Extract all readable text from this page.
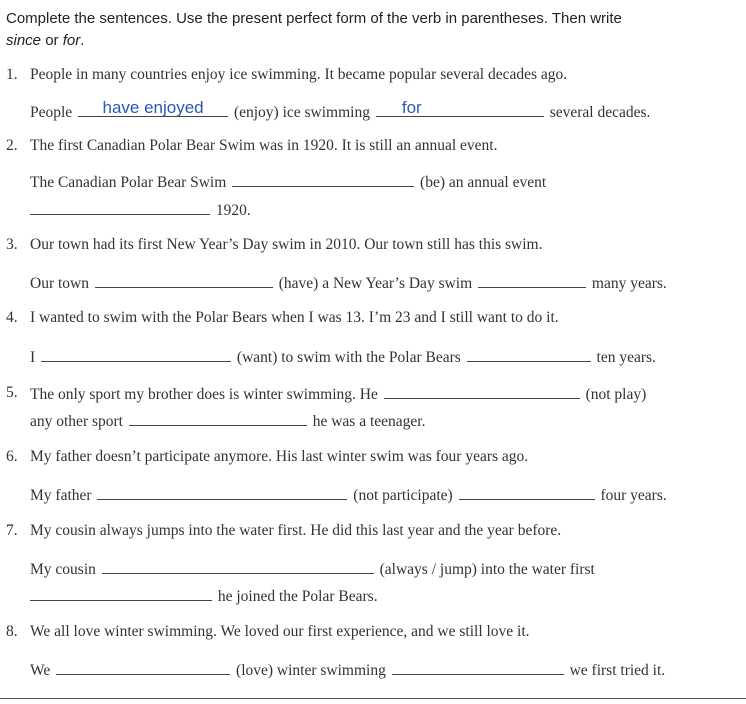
Complete the sentences. Use the present perfect form of the verb in parentheses. Then write
since or for.
1. People in many countries enjoy ice swimming. It became popular several decades ago.
People	have enjoyed	(enjoy) ice swimming	for	several decades.
2. The first Canadian Polar Bear Swim was in 1920. It is still an annual event.
The Canadian Polar Bear Swim	(be) an annual event
1920.
3. Our town had its first New Year’s Day swim in 2010. Our town still has this swim.
Our town	(have) a New Year’s Day swim	many years.
4. I wanted to swim with the Polar Bears when I was 13. I’m 23 and I still want to do it.
I	(want) to swim with the Polar Bears	ten years.
5. The only sport my brother does is winter swimming. He	(not play)
any other sport	he was a teenager.
6. My father doesn’t participate anymore. His last winter swim was four years ago.
My father	(not participate)	four years.
7. My cousin always jumps into the water first. He did this last year and the year before.
My cousin	(always / jump) into the water first
he joined the Polar Bears.
8. We all love winter swimming. We loved our first experience, and we still love it.
We	(love) winter swimming	we first tried it.
